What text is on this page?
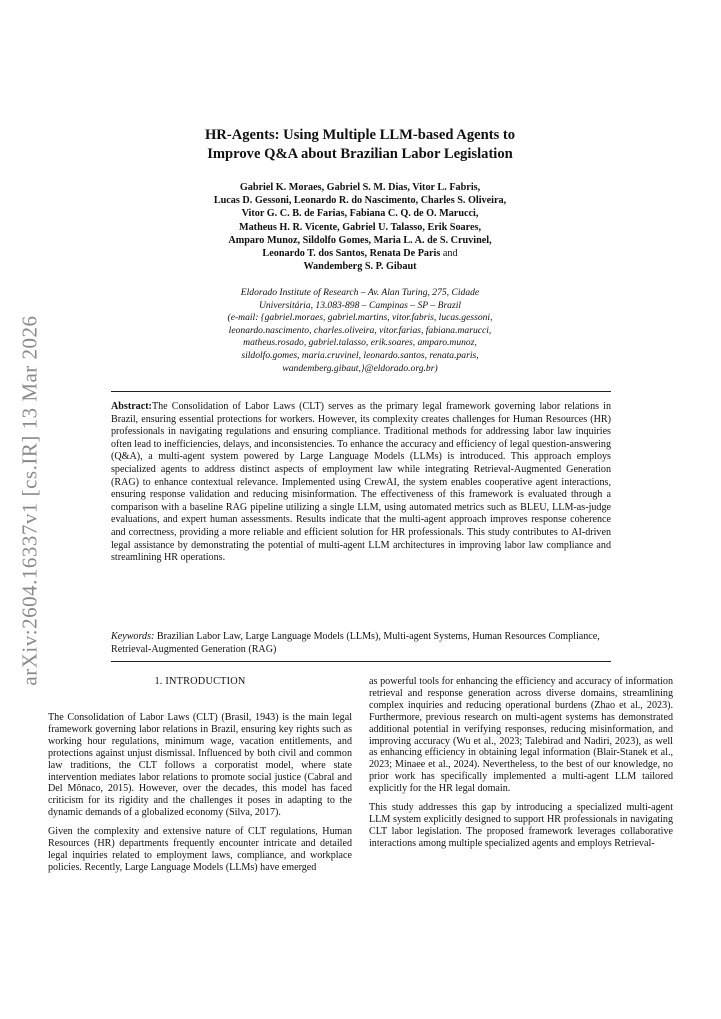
arXiv:2604.16337v1 [cs.IR] 13 Mar 2026
HR-Agents: Using Multiple LLM-based Agents to
Improve Q&A about Brazilian Labor Legislation
Gabriel K. Moraes, Gabriel S. M. Dias, Vitor L. Fabris,
Lucas D. Gessoni, Leonardo R. do Nascimento, Charles S. Oliveira,
Vitor G. C. B. de Farias, Fabiana C. Q. de O. Marucci,
Matheus H. R. Vicente, Gabriel U. Talasso, Erik Soares,
Amparo Munoz, Sildolfo Gomes, Maria L. A. de S. Cruvinel,
Leonardo T. dos Santos, Renata De Paris and
Wandemberg S. P. Gibaut
Eldorado Institute of Research – Av. Alan Turing, 275, Cidade
Universitária, 13.083-898 – Campinas – SP – Brazil
(e-mail: {gabriel.moraes, gabriel.martins, vitor.fabris, lucas.gessoni,
leonardo.nascimento, charles.oliveira, vitor.farias, fabiana.marucci,
matheus.rosado, gabriel.talasso, erik.soares, amparo.munoz,
sildolfo.gomes, maria.cruvinel, leonardo.santos, renata.paris,
wandemberg.gibaut,}@eldorado.org.br)
Abstract:The Consolidation of Labor Laws (CLT) serves as the primary legal framework governing labor relations in Brazil, ensuring essential protections for workers. However, its complexity creates challenges for Human Resources (HR) professionals in navigating regulations and ensuring compliance. Traditional methods for addressing labor law inquiries often lead to inefficiencies, delays, and inconsistencies. To enhance the accuracy and efficiency of legal question-answering (Q&A), a multi-agent system powered by Large Language Models (LLMs) is introduced. This approach employs specialized agents to address distinct aspects of employment law while integrating Retrieval-Augmented Generation (RAG) to enhance contextual relevance. Implemented using CrewAI, the system enables cooperative agent interactions, ensuring response validation and reducing misinformation. The effectiveness of this framework is evaluated through a comparison with a baseline RAG pipeline utilizing a single LLM, using automated metrics such as BLEU, LLM-as-judge evaluations, and expert human assessments. Results indicate that the multi-agent approach improves response coherence and correctness, providing a more reliable and efficient solution for HR professionals. This study contributes to AI-driven legal assistance by demonstrating the potential of multi-agent LLM architectures in improving labor law compliance and streamlining HR operations.
Keywords: Brazilian Labor Law, Large Language Models (LLMs), Multi-agent Systems, Human Resources Compliance, Retrieval-Augmented Generation (RAG)
1. INTRODUCTION

The Consolidation of Labor Laws (CLT) (Brasil, 1943) is the main legal framework governing labor relations in Brazil, ensuring key rights such as working hour regulations, minimum wage, vacation entitlements, and protections against unjust dismissal. Influenced by both civil and common law traditions, the CLT follows a corporatist model, where state intervention mediates labor relations to promote social justice (Cabral and Del Mônaco, 2015). However, over the decades, this model has faced criticism for its rigidity and the challenges it poses in adapting to the dynamic demands of a globalized economy (Silva, 2017).

Given the complexity and extensive nature of CLT regulations, Human Resources (HR) departments frequently encounter intricate and detailed legal inquiries related to employment laws, compliance, and workplace policies. Recently, Large Language Models (LLMs) have emerged

as powerful tools for enhancing the efficiency and accuracy of information retrieval and response generation across diverse domains, streamlining complex inquiries and reducing operational burdens (Zhao et al., 2023). Furthermore, previous research on multi-agent systems has demonstrated additional potential in verifying responses, reducing misinformation, and improving accuracy (Wu et al., 2023; Talebirad and Nadiri, 2023), as well as enhancing efficiency in obtaining legal information (Blair-Stanek et al., 2023; Minaee et al., 2024). Nevertheless, to the best of our knowledge, no prior work has specifically implemented a multi-agent LLM tailored explicitly for the HR legal domain.

This study addresses this gap by introducing a specialized multi-agent LLM system explicitly designed to support HR professionals in navigating CLT labor legislation. The proposed framework leverages collaborative interactions among multiple specialized agents and employs Retrieval-
